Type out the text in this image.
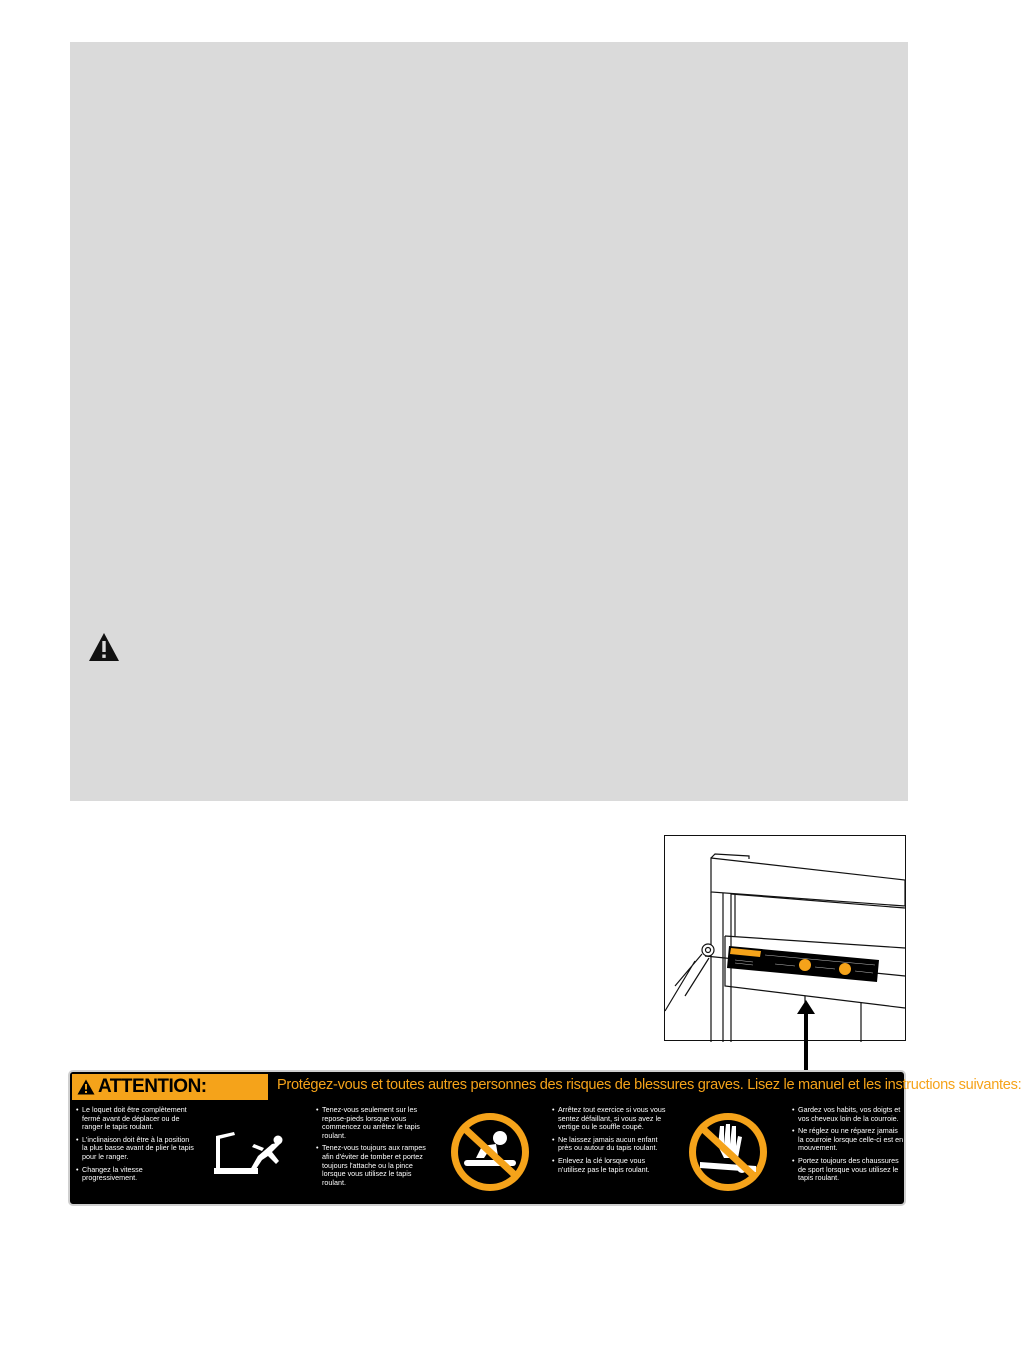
ATTENTION:	Protégez-vous et toutes autres personnes des risques de blessures graves. Lisez le manuel et les instructions suivantes:
• Le loquet doit être complètement fermé avant de déplacer ou de ranger le tapis roulant.
• L'inclinaison doit être à la position la plus basse avant de plier le tapis pour le ranger.
• Changez la vitesse progressivement.
• Tenez-vous seulement sur les repose-pieds lorsque vous commencez ou arrêtez le tapis roulant.
• Tenez-vous toujours aux rampes afin d'éviter de tomber et portez toujours l'attache ou la pince lorsque vous utilisez le tapis roulant.
• Arrêtez tout exercice si vous vous sentez défaillant, si vous avez le vertige ou le souffle coupé.
• Ne laissez jamais aucun enfant près ou autour du tapis roulant.
• Enlevez la clé lorsque vous n'utilisez pas le tapis roulant.
• Gardez vos habits, vos doigts et vos cheveux loin de la courroie.
• Ne réglez ou ne réparez jamais la courroie lorsque celle-ci est en mouvement.
• Portez toujours des chaussures de sport lorsque vous utilisez le tapis roulant.
